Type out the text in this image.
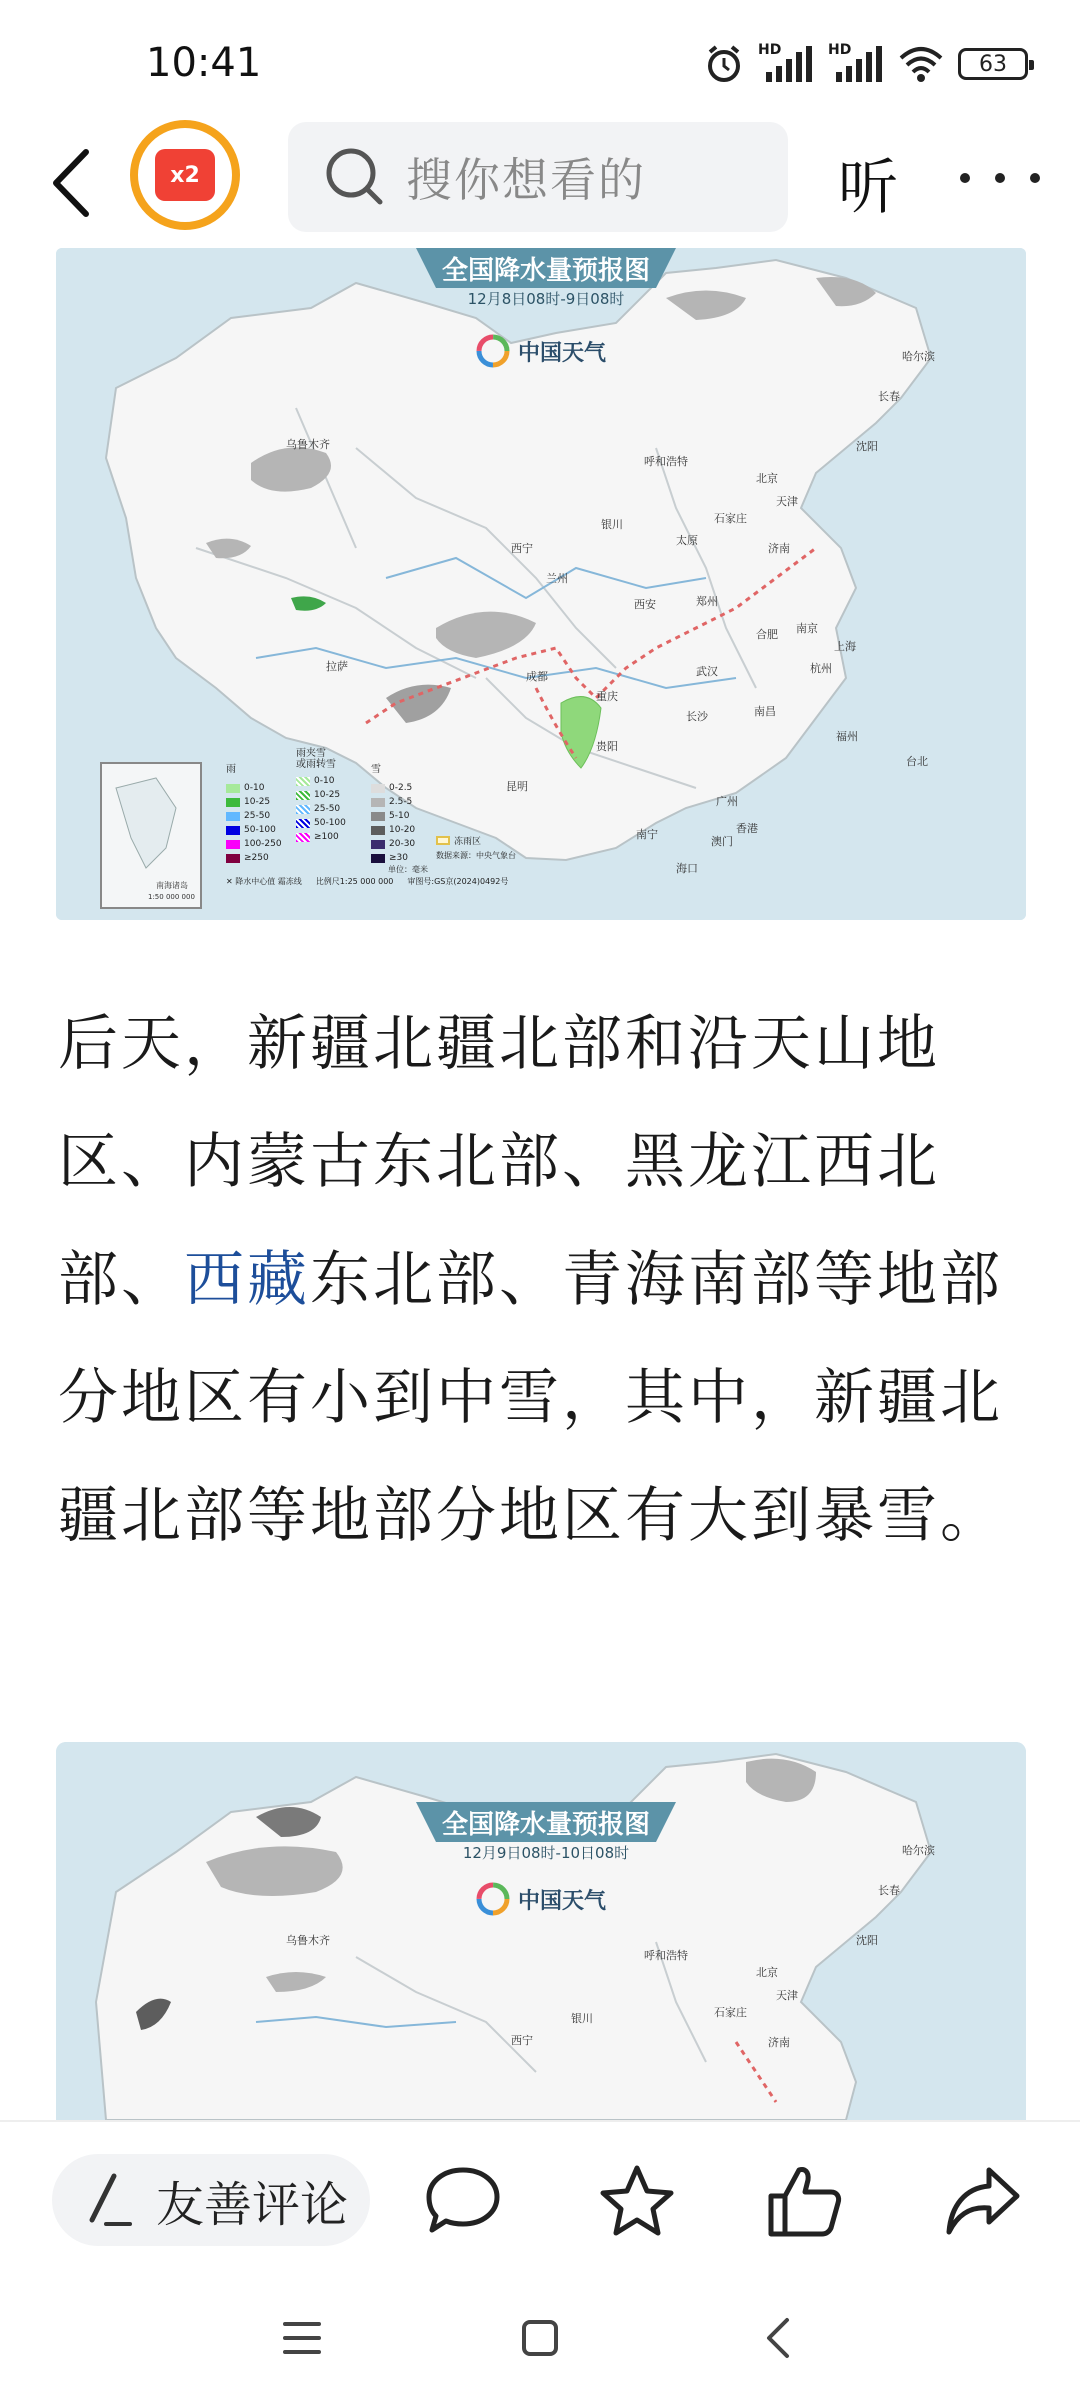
10:41	HD	HD
63
x2	搜你想看的	听
全国降水量预报图
12月8日08时-9日08时
中国天气
乌鲁木齐
哈尔滨
长春
沈阳
呼和浩特
北京
天津
石家庄
济南
太原
银川
西宁
兰州
西安	郑州
合肥 南京
上海
杭州
武汉
拉萨
成都
重庆
长沙	南昌
福州
台北
贵阳
昆明
南宁
广州
香港
澳门
海口
南海诸岛
1:50 000 000
雨
0-10
10-25
25-50
50-100
100-250
≥250
雨夹雪
或雨转雪
0-10
10-25
25-50
50-100
≥100
雪
0-2.5
2.5-5
5-10
10-20
20-30
≥30
冻雨区
数据来源：中央气象台
单位：毫米
✕ 降水中心值 霜冻线 比例尺1:25 000 000 审图号:GS京(2024)0492号
后天，新疆北疆北部和沿天山地区、内蒙古东北部、黑龙江西北部、西藏东北部、青海南部等地部分地区有小到中雪，其中，新疆北疆北部等地部分地区有大到暴雪。
全国降水量预报图
12月9日08时-10日08时
中国天气
乌鲁木齐
哈尔滨
长春
沈阳
呼和浩特
北京
天津
石家庄
银川
济南
西宁
友善评论
